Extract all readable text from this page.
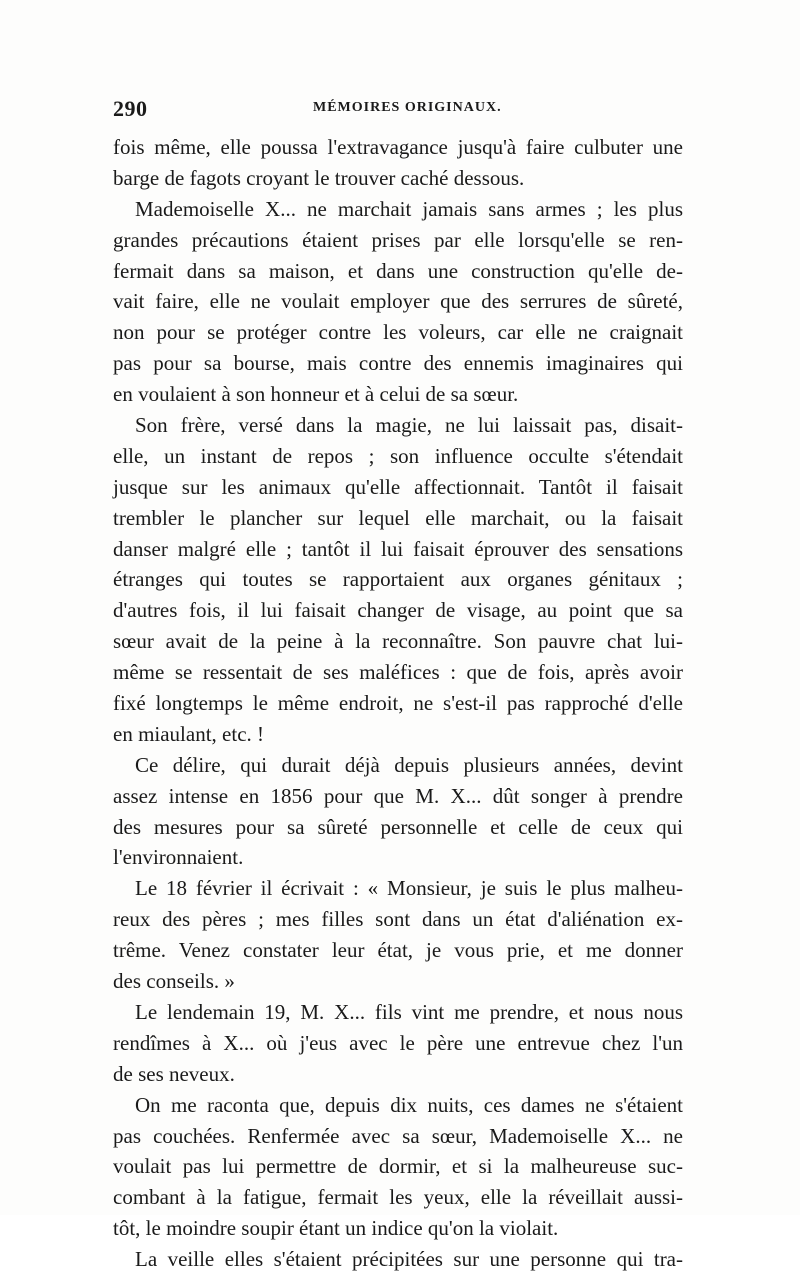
290	MÉMOIRES ORIGINAUX.
fois même, elle poussa l'extravagance jusqu'à faire culbuter une
barge de fagots croyant le trouver caché dessous.
Mademoiselle X... ne marchait jamais sans armes ; les plus
grandes précautions étaient prises par elle lorsqu'elle se ren-
fermait dans sa maison, et dans une construction qu'elle de-
vait faire, elle ne voulait employer que des serrures de sûreté,
non pour se protéger contre les voleurs, car elle ne craignait
pas pour sa bourse, mais contre des ennemis imaginaires qui
en voulaient à son honneur et à celui de sa sœur.
Son frère, versé dans la magie, ne lui laissait pas, disait-
elle, un instant de repos ; son influence occulte s'étendait
jusque sur les animaux qu'elle affectionnait. Tantôt il faisait
trembler le plancher sur lequel elle marchait, ou la faisait
danser malgré elle ; tantôt il lui faisait éprouver des sensations
étranges qui toutes se rapportaient aux organes génitaux ;
d'autres fois, il lui faisait changer de visage, au point que sa
sœur avait de la peine à la reconnaître. Son pauvre chat lui-
même se ressentait de ses maléfices : que de fois, après avoir
fixé longtemps le même endroit, ne s'est-il pas rapproché d'elle
en miaulant, etc. !
Ce délire, qui durait déjà depuis plusieurs années, devint
assez intense en 1856 pour que M. X... dût songer à prendre
des mesures pour sa sûreté personnelle et celle de ceux qui
l'environnaient.
Le 18 février il écrivait : « Monsieur, je suis le plus malheu-
reux des pères ; mes filles sont dans un état d'aliénation ex-
trême. Venez constater leur état, je vous prie, et me donner
des conseils. »
Le lendemain 19, M. X... fils vint me prendre, et nous nous
rendîmes à X... où j'eus avec le père une entrevue chez l'un
de ses neveux.
On me raconta que, depuis dix nuits, ces dames ne s'étaient
pas couchées. Renfermée avec sa sœur, Mademoiselle X... ne
voulait pas lui permettre de dormir, et si la malheureuse suc-
combant à la fatigue, fermait les yeux, elle la réveillait aussi-
tôt, le moindre soupir étant un indice qu'on la violait.
La veille elles s'étaient précipitées sur une personne qui tra-
